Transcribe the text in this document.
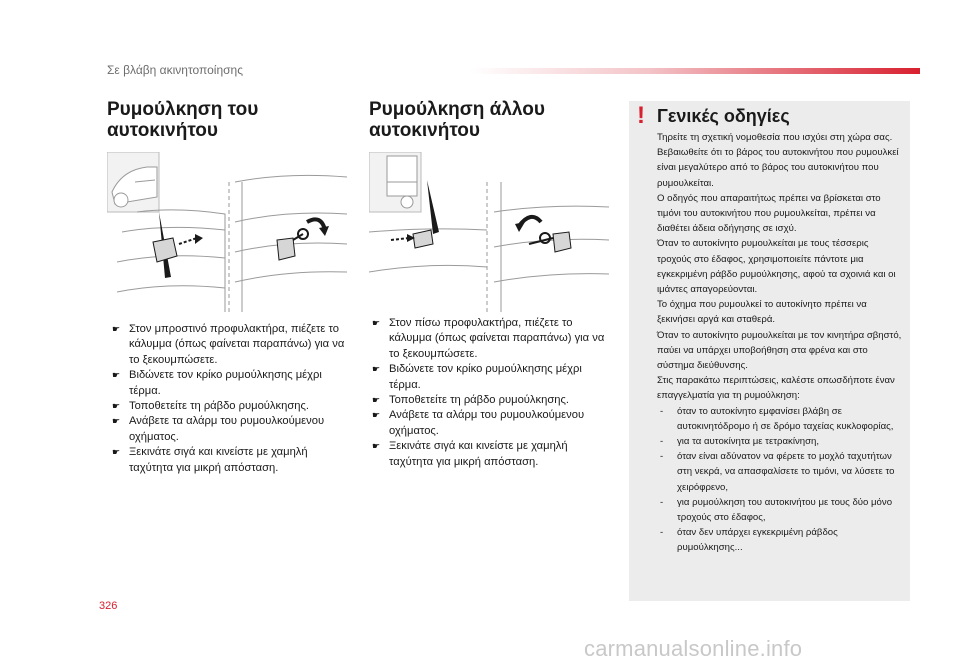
Σε βλάβη ακινητοποίησης
Ρυμούλκηση του
αυτοκινήτου
☛ Στον μπροστινό προφυλακτήρα, πιέζετε το κάλυμμα (όπως φαίνεται παραπάνω) για να το ξεκουμπώσετε.
☛ Βιδώνετε τον κρίκο ρυμούλκησης μέχρι τέρμα.
☛ Τοποθετείτε τη ράβδο ρυμούλκησης.
☛ Ανάβετε τα αλάρμ του ρυμουλκούμενου οχήματος.
☛ Ξεκινάτε σιγά και κινείστε με χαμηλή ταχύτητα για μικρή απόσταση.
Ρυμούλκηση άλλου
αυτοκινήτου
☛ Στον πίσω προφυλακτήρα, πιέζετε το κάλυμμα (όπως φαίνεται παραπάνω) για να το ξεκουμπώσετε.
☛ Βιδώνετε τον κρίκο ρυμούλκησης μέχρι τέρμα.
☛ Τοποθετείτε τη ράβδο ρυμούλκησης.
☛ Ανάβετε τα αλάρμ του ρυμουλκούμενου οχήματος.
☛ Ξεκινάτε σιγά και κινείστε με χαμηλή ταχύτητα για μικρή απόσταση.
! Γενικές οδηγίες
Τηρείτε τη σχετική νομοθεσία που ισχύει στη χώρα σας.
Βεβαιωθείτε ότι το βάρος του αυτοκινήτου που ρυμουλκεί είναι μεγαλύτερο από το βάρος του αυτοκινήτου που ρυμουλκείται.
Ο οδηγός που απαραιτήτως πρέπει να βρίσκεται στο τιμόνι του αυτοκινήτου που ρυμουλκείται, πρέπει να διαθέτει άδεια οδήγησης σε ισχύ.
Όταν το αυτοκίνητο ρυμουλκείται με τους τέσσερις τροχούς στο έδαφος, χρησιμοποιείτε πάντοτε μια εγκεκριμένη ράβδο ρυμούλκησης, αφού τα σχοινιά και οι ιμάντες απαγορεύονται.
Το όχημα που ρυμουλκεί το αυτοκίνητο πρέπει να ξεκινήσει αργά και σταθερά.
Όταν το αυτοκίνητο ρυμουλκείται με τον κινητήρα σβηστό, παύει να υπάρχει υποβοήθηση στα φρένα και στο σύστημα διεύθυνσης.
Στις παρακάτω περιπτώσεις, καλέστε οπωσδήποτε έναν επαγγελματία για τη ρυμούλκηση:
- όταν το αυτοκίνητο εμφανίσει βλάβη σε αυτοκινητόδρομο ή σε δρόμο ταχείας κυκλοφορίας,
- για τα αυτοκίνητα με τετρακίνηση,
- όταν είναι αδύνατον να φέρετε το μοχλό ταχυτήτων στη νεκρά, να απασφαλίσετε το τιμόνι, να λύσετε το χειρόφρενο,
- για ρυμούλκηση του αυτοκινήτου με τους δύο μόνο τροχούς στο έδαφος,
- όταν δεν υπάρχει εγκεκριμένη ράβδος ρυμούλκησης...
326
carmanualsonline.info
